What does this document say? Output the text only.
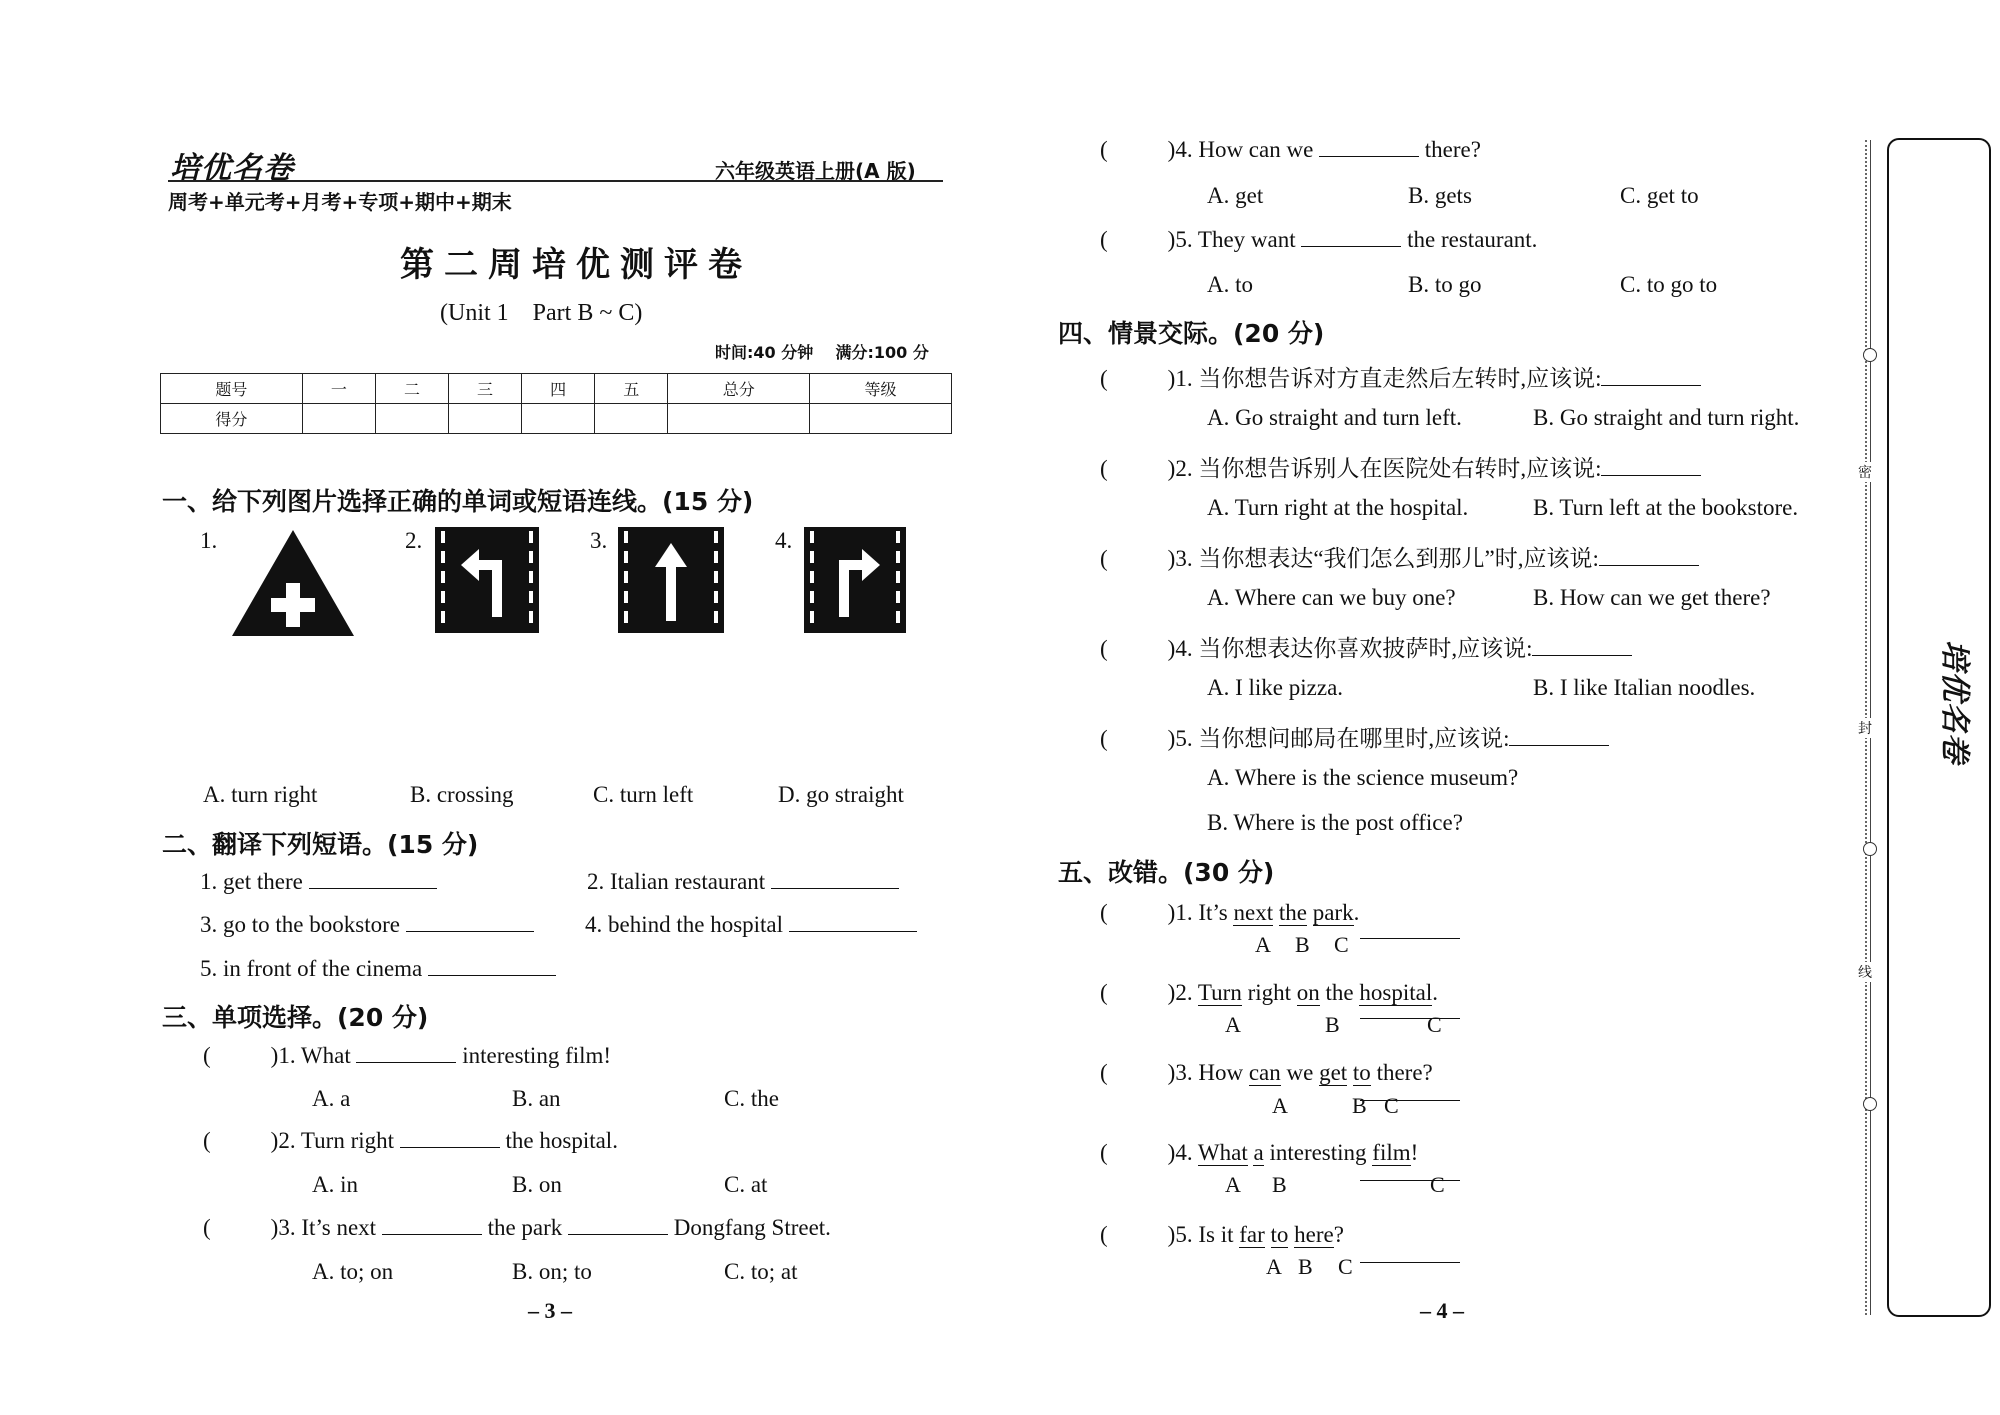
培优名卷	六年级英语上册(A 版)
周考+单元考+月考+专项+期中+期末
第二周培优测评卷
(Unit 1    Part B ~ C)
时间:40 分钟    满分:100 分
题号	一	二	三	四	五	总分	等级
得分							
一、给下列图片选择正确的单词或短语连线。(15 分)
1.	2.	3.	4.
A. turn right	B. crossing	C. turn left	D. go straight
二、翻译下列短语。(15 分)
1. get there	2. Italian restaurant
3. go to the bookstore	4. behind the hospital
5. in front of the cinema
三、单项选择。(20 分)
(	)1. What	interesting film!
A. a	B. an	C. the
(	)2. Turn right	the hospital.
A. in	B. on	C. at
(	)3. It’s next	the park	Dongfang Street.
A. to; on	B. on; to	C. to; at
– 3 –
(	)4. How can we	there?
A. get	B. gets	C. get to
(	)5. They want	the restaurant.
A. to	B. to go	C. to go to
四、情景交际。(20 分)
(	)1. 当你想告诉对方直走然后左转时,应该说:
A. Go straight and turn left.	B. Go straight and turn right.
(	)2. 当你想告诉别人在医院处右转时,应该说:
A. Turn right at the hospital.	B. Turn left at the bookstore.
(	)3. 当你想表达“我们怎么到那儿”时,应该说:
A. Where can we buy one?	B. How can we get there?
(	)4. 当你想表达你喜欢披萨时,应该说:
A. I like pizza.	B. I like Italian noodles.
(	)5. 当你想问邮局在哪里时,应该说:
A. Where is the science museum?
B. Where is the post office?
五、改错。(30 分)
(	)1. It’s next the park.
A B C
(	)2. Turn right on the hospital.
A	B	C
(	)3. How can we get to there?
A	B C
(	)4. What a interesting film!
A B	C
(	)5. Is it far to here?
A B C
– 4 –
密
封
线
培优名卷
